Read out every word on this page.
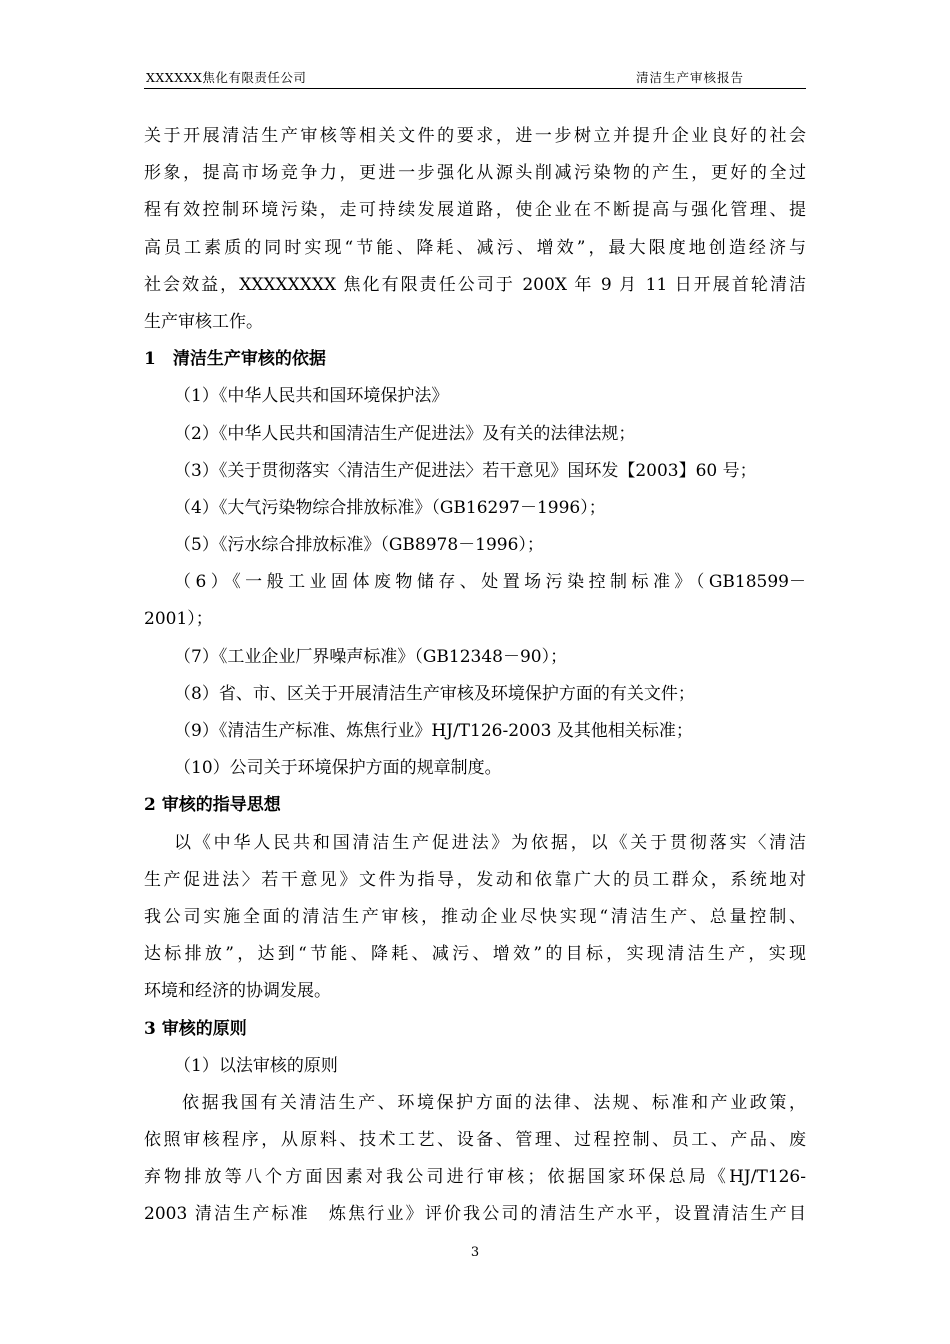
XXXXXX焦化有限责任公司	清洁生产审核报告
关于开展清洁生产审核等相关文件的要求，进一步树立并提升企业良好的社会
形象，提高市场竞争力，更进一步强化从源头削减污染物的产生，更好的全过
程有效控制环境污染，走可持续发展道路，使企业在不断提高与强化管理、提
高员工素质的同时实现“节能、降耗、减污、增效”，最大限度地创造经济与
社会效益，XXXXXXXX 焦化有限责任公司于 200X 年 9 月 11 日开展首轮清洁
生产审核工作。
1　清洁生产审核的依据
（1）《中华人民共和国环境保护法》
（2）《中华人民共和国清洁生产促进法》及有关的法律法规；
（3）《关于贯彻落实〈清洁生产促进法〉若干意见》国环发【2003】60 号；
（4）《大气污染物综合排放标准》（GB16297－1996）；
（5）《污水综合排放标准》（GB8978－1996）；
（6）《一般工业固体废物储存、处置场污染控制标准》（GB18599－
2001）；
（7）《工业企业厂界噪声标准》（GB12348－90）；
（8）省、市、区关于开展清洁生产审核及环境保护方面的有关文件；
（9）《清洁生产标准、炼焦行业》HJ/T126-2003 及其他相关标准；
（10）公司关于环境保护方面的规章制度。
2 审核的指导思想
以《中华人民共和国清洁生产促进法》为依据，以《关于贯彻落实〈清洁
生产促进法〉若干意见》文件为指导，发动和依靠广大的员工群众，系统地对
我公司实施全面的清洁生产审核，推动企业尽快实现“清洁生产、总量控制、
达标排放”，达到“节能、降耗、减污、增效”的目标，实现清洁生产，实现
环境和经济的协调发展。
3 审核的原则
（1）以法审核的原则
依据我国有关清洁生产、环境保护方面的法律、法规、标准和产业政策，
依照审核程序，从原料、技术工艺、设备、管理、过程控制、员工、产品、废
弃物排放等八个方面因素对我公司进行审核；依据国家环保总局《HJ/T126-
2003 清洁生产标准　炼焦行业》评价我公司的清洁生产水平，设置清洁生产目
3
